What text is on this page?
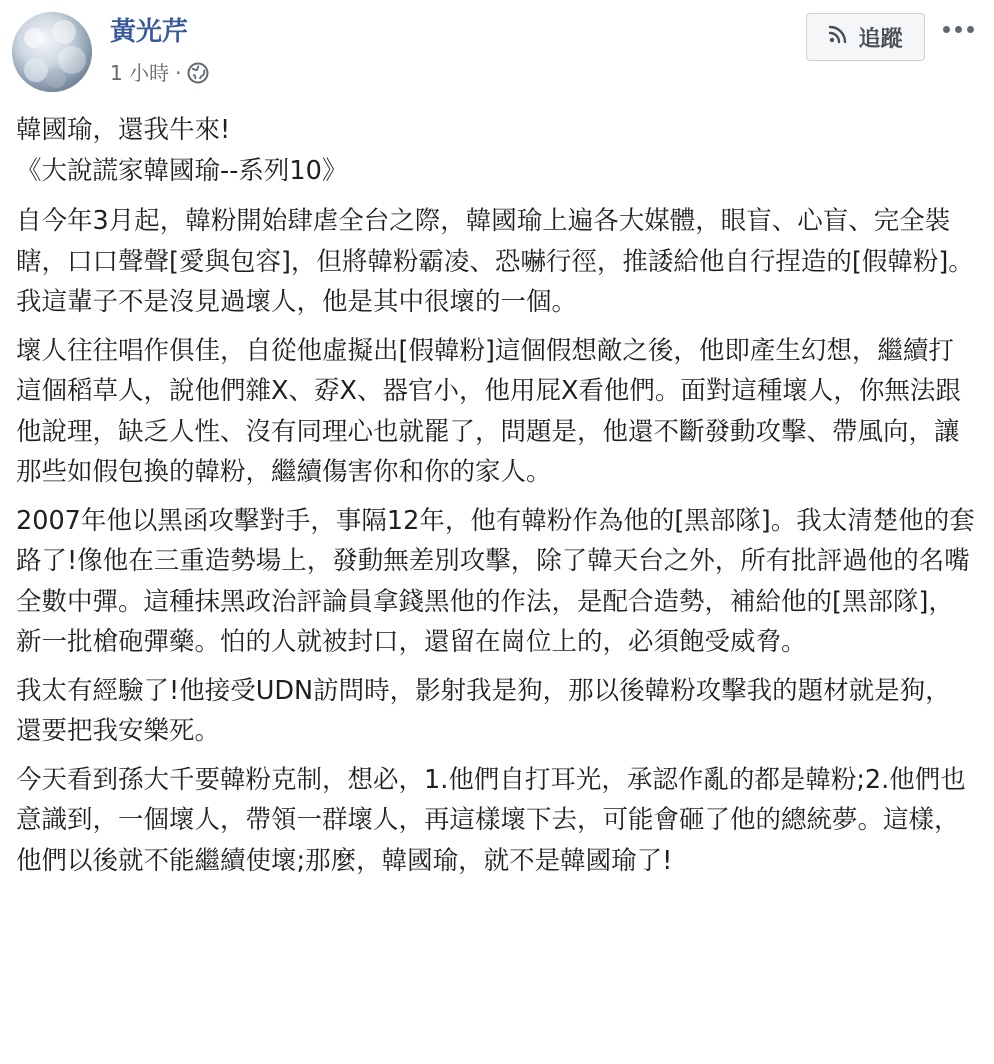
黃光芹
1 小時 ·
追蹤

韓國瑜，還我牛來!
《大說謊家韓國瑜--系列10》

自今年3月起，韓粉開始肆虐全台之際，韓國瑜上遍各大媒體，眼盲、心盲、完全裝瞎，口口聲聲[愛與包容]，但將韓粉霸凌、恐嚇行徑，推諉給他自行捏造的[假韓粉]。我這輩子不是沒見過壞人，他是其中很壞的一個。

壞人往往唱作俱佳，自從他虛擬出[假韓粉]這個假想敵之後，他即產生幻想，繼續打這個稻草人，說他們雜X、孬X、器官小，他用屁X看他們。面對這種壞人，你無法跟他說理，缺乏人性、沒有同理心也就罷了，問題是，他還不斷發動攻擊、帶風向，讓那些如假包換的韓粉，繼續傷害你和你的家人。

2007年他以黑函攻擊對手，事隔12年，他有韓粉作為他的[黑部隊]。我太清楚他的套路了!像他在三重造勢場上，發動無差別攻擊，除了韓天台之外，所有批評過他的名嘴全數中彈。這種抹黑政治評論員拿錢黑他的作法，是配合造勢，補給他的[黑部隊]，新一批槍砲彈藥。怕的人就被封口，還留在崗位上的，必須飽受威脅。

我太有經驗了!他接受UDN訪問時，影射我是狗，那以後韓粉攻擊我的題材就是狗，還要把我安樂死。

今天看到孫大千要韓粉克制，想必，1.他們自打耳光，承認作亂的都是韓粉;2.他們也意識到，一個壞人，帶領一群壞人，再這樣壞下去，可能會砸了他的總統夢。這樣，他們以後就不能繼續使壞;那麼，韓國瑜，就不是韓國瑜了!
